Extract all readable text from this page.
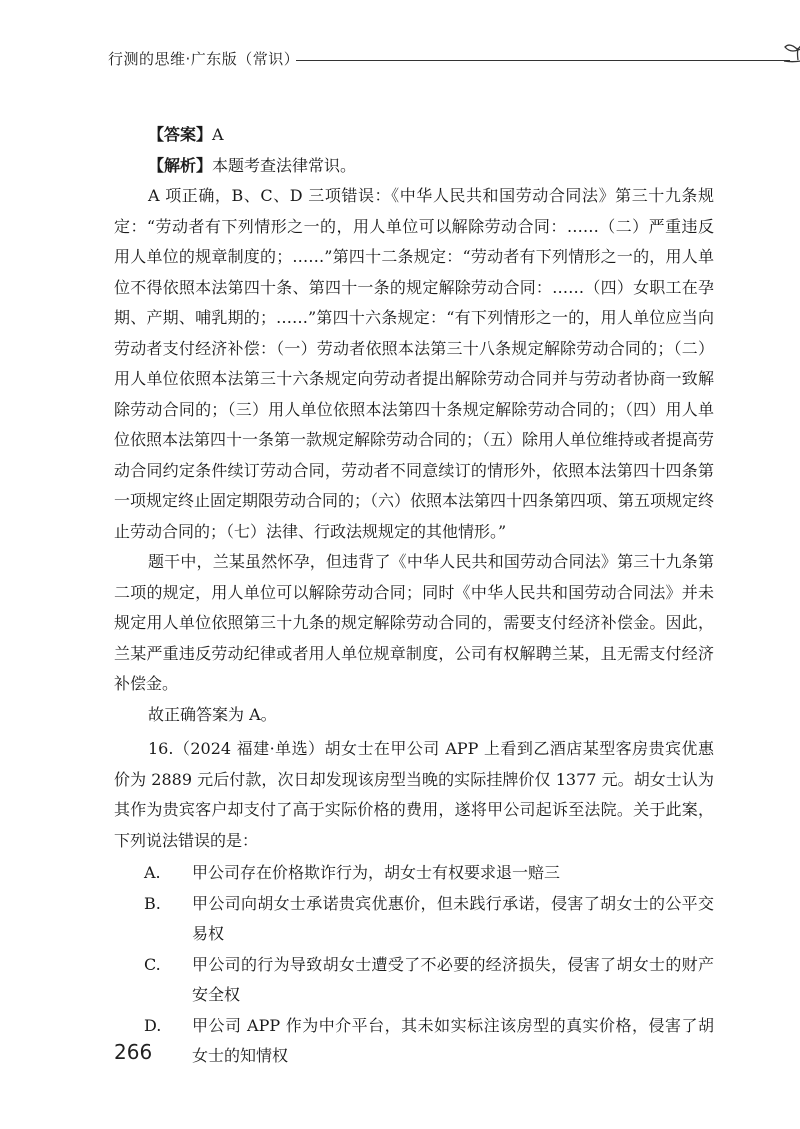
行测的思维·广东版（常识）

【答案】A

【解析】本题考查法律常识。

A 项正确，B、C、D 三项错误：《中华人民共和国劳动合同法》第三十九条规定：“劳动者有下列情形之一的，用人单位可以解除劳动合同：……（二）严重违反用人单位的规章制度的；……”第四十二条规定：“劳动者有下列情形之一的，用人单位不得依照本法第四十条、第四十一条的规定解除劳动合同：……（四）女职工在孕期、产期、哺乳期的；……”第四十六条规定：“有下列情形之一的，用人单位应当向劳动者支付经济补偿：（一）劳动者依照本法第三十八条规定解除劳动合同的；（二）用人单位依照本法第三十六条规定向劳动者提出解除劳动合同并与劳动者协商一致解除劳动合同的；（三）用人单位依照本法第四十条规定解除劳动合同的；（四）用人单位依照本法第四十一条第一款规定解除劳动合同的；（五）除用人单位维持或者提高劳动合同约定条件续订劳动合同，劳动者不同意续订的情形外，依照本法第四十四条第一项规定终止固定期限劳动合同的；（六）依照本法第四十四条第四项、第五项规定终止劳动合同的；（七）法律、行政法规规定的其他情形。”

题干中，兰某虽然怀孕，但违背了《中华人民共和国劳动合同法》第三十九条第二项的规定，用人单位可以解除劳动合同；同时《中华人民共和国劳动合同法》并未规定用人单位依照第三十九条的规定解除劳动合同的，需要支付经济补偿金。因此，兰某严重违反劳动纪律或者用人单位规章制度，公司有权解聘兰某，且无需支付经济补偿金。

故正确答案为 A。

16.（2024 福建·单选）胡女士在甲公司 APP 上看到乙酒店某型客房贵宾优惠价为 2889 元后付款，次日却发现该房型当晚的实际挂牌价仅 1377 元。胡女士认为其作为贵宾客户却支付了高于实际价格的费用，遂将甲公司起诉至法院。关于此案，下列说法错误的是：

A.	甲公司存在价格欺诈行为，胡女士有权要求退一赔三

B.	甲公司向胡女士承诺贵宾优惠价，但未践行承诺，侵害了胡女士的公平交易权

C.	甲公司的行为导致胡女士遭受了不必要的经济损失，侵害了胡女士的财产安全权

D.	甲公司 APP 作为中介平台，其未如实标注该房型的真实价格，侵害了胡女士的知情权

266
